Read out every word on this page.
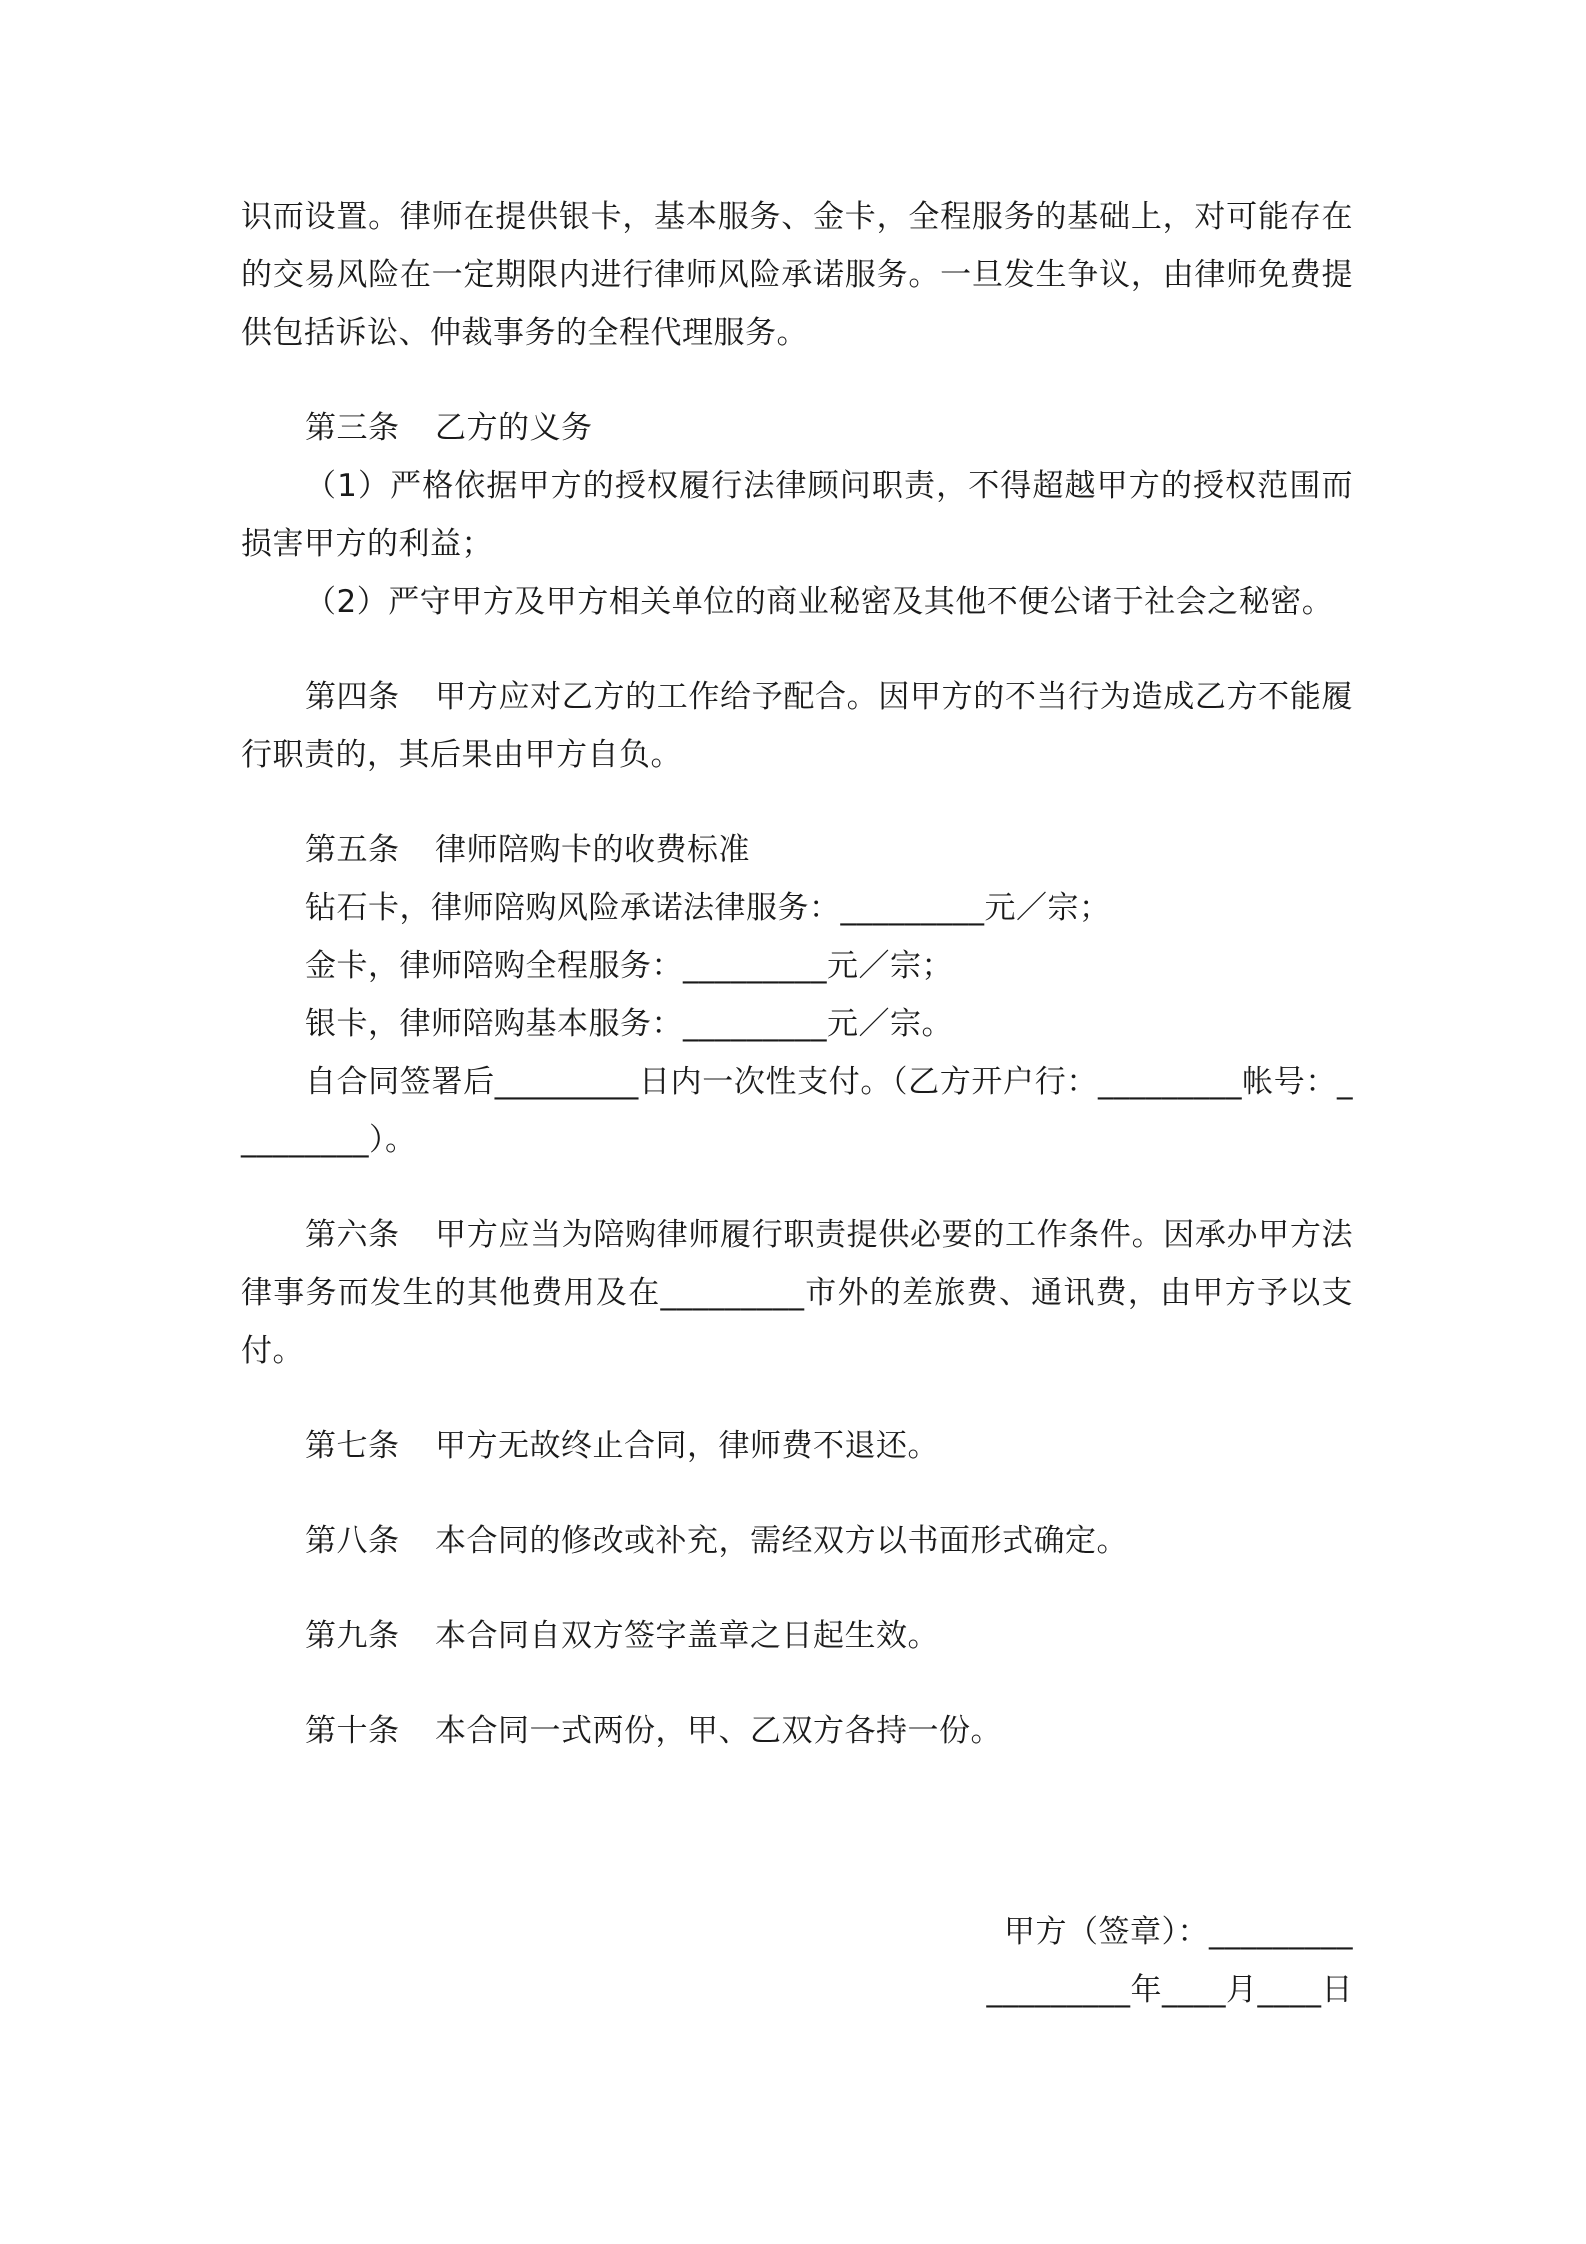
识而设置。律师在提供银卡，基本服务、金卡，全程服务的基础上，对可能存在的交易风险在一定期限内进行律师风险承诺服务。一旦发生争议，由律师免费提供包括诉讼、仲裁事务的全程代理服务。

第三条 乙方的义务

（1）严格依据甲方的授权履行法律顾问职责，不得超越甲方的授权范围而损害甲方的利益；

（2）严守甲方及甲方相关单位的商业秘密及其他不便公诸于社会之秘密。

第四条 甲方应对乙方的工作给予配合。因甲方的不当行为造成乙方不能履行职责的，其后果由甲方自负。

第五条 律师陪购卡的收费标准

钻石卡，律师陪购风险承诺法律服务：_________元／宗；

金卡，律师陪购全程服务：_________元／宗；

银卡，律师陪购基本服务：_________元／宗。

自合同签署后_________日内一次性支付。（乙方开户行：_________帐号：_________）。

第六条 甲方应当为陪购律师履行职责提供必要的工作条件。因承办甲方法律事务而发生的其他费用及在_________市外的差旅费、通讯费，由甲方予以支付。

第七条 甲方无故终止合同，律师费不退还。

第八条 本合同的修改或补充，需经双方以书面形式确定。

第九条 本合同自双方签字盖章之日起生效。

第十条 本合同一式两份，甲、乙双方各持一份。

甲方（签章）：_________
_________年____月____日
